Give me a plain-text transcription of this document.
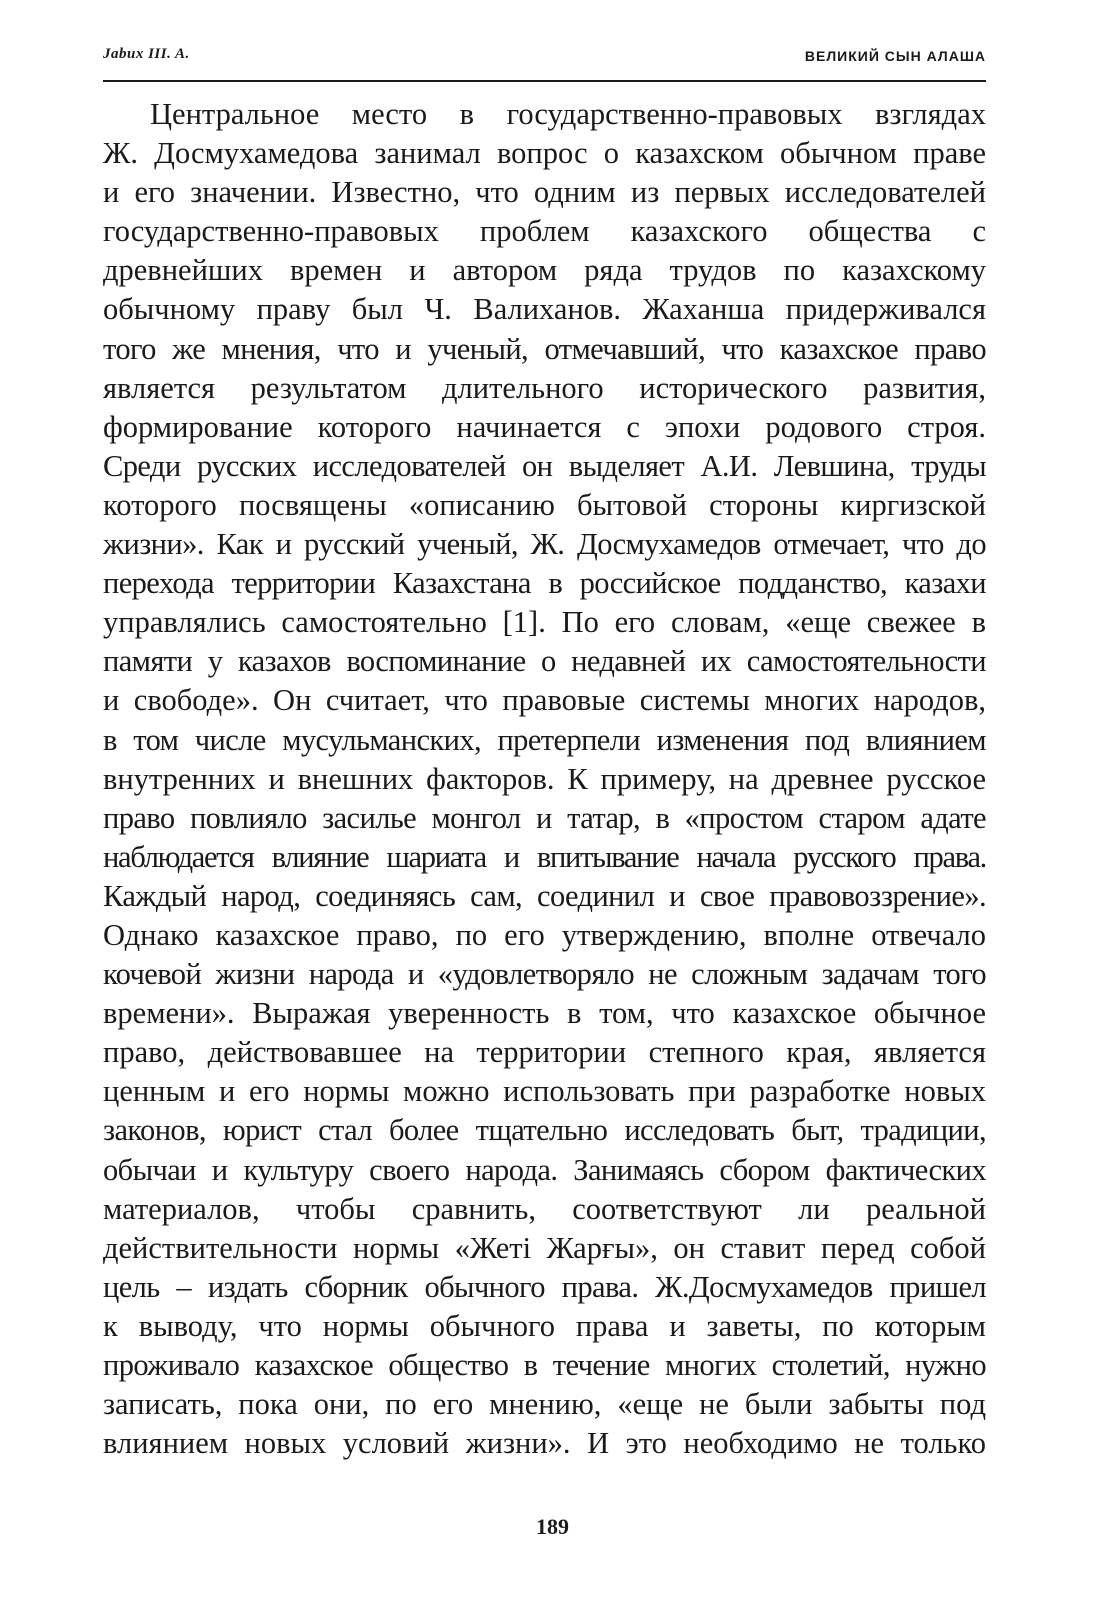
Jabux III. A.	ВЕЛИКИЙ СЫН АЛАША
Центральное место в государственно-правовых взглядах
Ж. Досмухамедова занимал вопрос о казахском обычном праве
и его значении. Известно, что одним из первых исследователей
государственно-правовых проблем казахского общества с
древнейших времен и автором ряда трудов по казахскому
обычному праву был Ч. Валиханов. Жаханша придерживался
того же мнения, что и ученый, отмечавший, что казахское право
является результатом длительного исторического развития,
формирование которого начинается с эпохи родового строя.
Среди русских исследователей он выделяет А.И. Левшина, труды
которого посвящены «описанию бытовой стороны киргизской
жизни». Как и русский ученый, Ж. Досмухамедов отмечает, что до
перехода территории Казахстана в российское подданство, казахи
управлялись самостоятельно [1]. По его словам, «еще свежее в
памяти у казахов воспоминание о недавней их самостоятельности
и свободе». Он считает, что правовые системы многих народов,
в том числе мусульманских, претерпели изменения под влиянием
внутренних и внешних факторов. К примеру, на древнее русское
право повлияло засилье монгол и татар, в «простом старом адате
наблюдается влияние шариата и впитывание начала русского права.
Каждый народ, соединяясь сам, соединил и свое правовоззрение».
Однако казахское право, по его утверждению, вполне отвечало
кочевой жизни народа и «удовлетворяло не сложным задачам того
времени». Выражая уверенность в том, что казахское обычное
право, действовавшее на территории степного края, является
ценным и его нормы можно использовать при разработке новых
законов, юрист стал более тщательно исследовать быт, традиции,
обычаи и культуру своего народа. Занимаясь сбором фактических
материалов, чтобы сравнить, соответствуют ли реальной
действительности нормы «Жетi Жарғы», он ставит перед собой
цель – издать сборник обычного права. Ж.Досмухамедов пришел
к выводу, что нормы обычного права и заветы, по которым
проживало казахское общество в течение многих столетий, нужно
записать, пока они, по его мнению, «еще не были забыты под
влиянием новых условий жизни». И это необходимо не только
189
